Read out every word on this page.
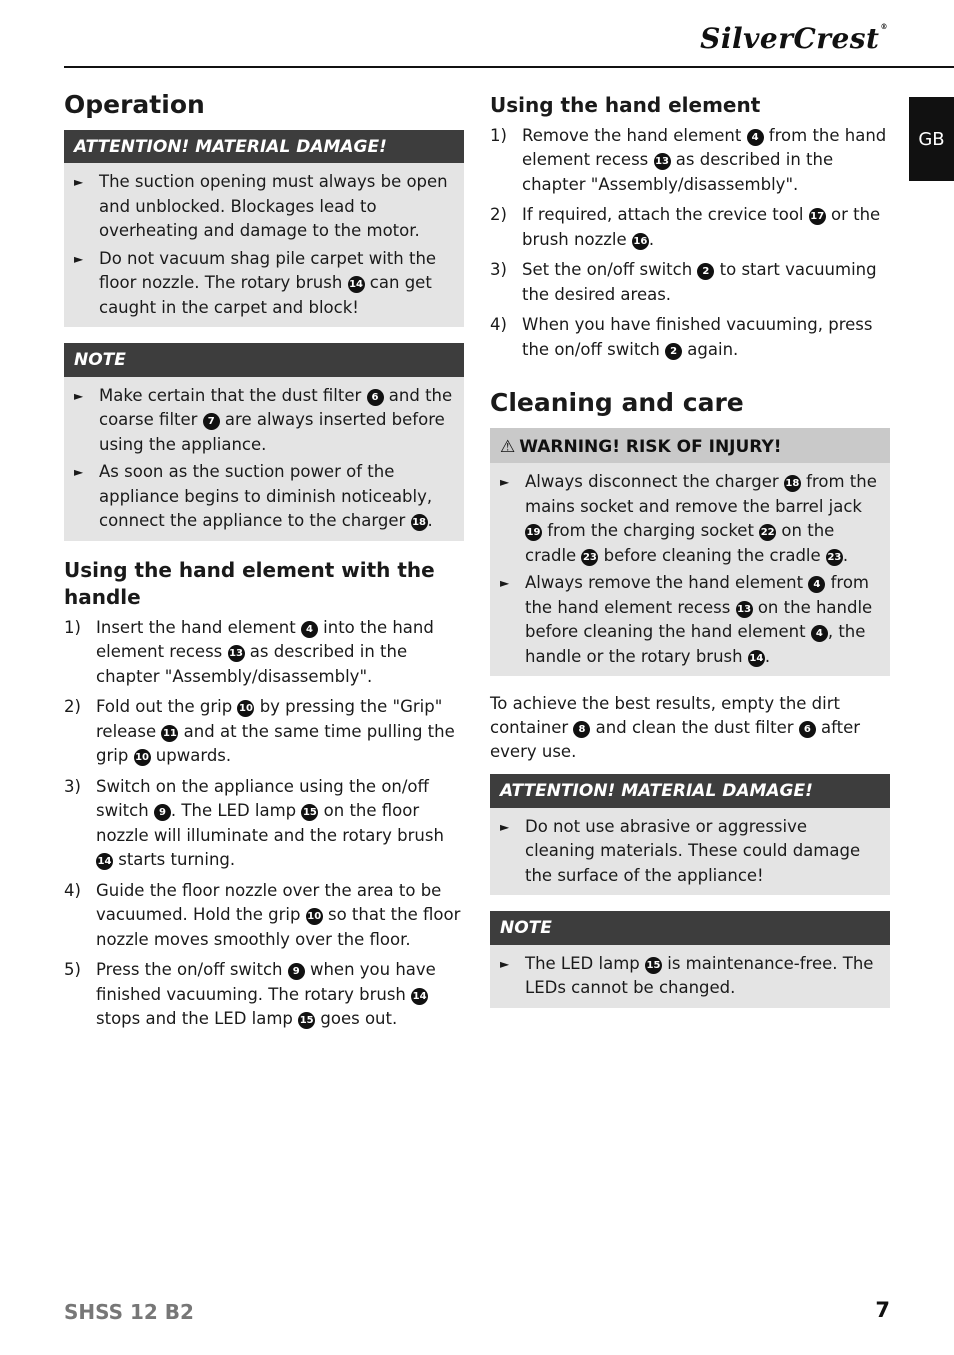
SilverCrest®
GB
Operation
ATTENTION! MATERIAL DAMAGE!
► The suction opening must always be open and unblocked. Blockages lead to overheating and damage to the motor.
► Do not vacuum shag pile carpet with the floor nozzle. The rotary brush 14 can get caught in the carpet and block!
NOTE
► Make certain that the dust filter 6 and the coarse filter 7 are always inserted before using the appliance.
► As soon as the suction power of the appliance begins to diminish noticeably, connect the appliance to the charger 18.
Using the hand element with the handle
1) Insert the hand element 4 into the hand element recess 13 as described in the chapter "Assembly/disassembly".
2) Fold out the grip 10 by pressing the "Grip" release 11 and at the same time pulling the grip 10 upwards.
3) Switch on the appliance using the on/off switch 9 . The LED lamp 15 on the floor nozzle will illuminate and the rotary brush 14 starts turning.
4) Guide the floor nozzle over the area to be vacuumed. Hold the grip 10 so that the floor nozzle moves smoothly over the floor.
5) Press the on/off switch 9 when you have finished vacuuming. The rotary brush 14 stops and the LED lamp 15 goes out.
Using the hand element
1) Remove the hand element 4 from the hand element recess 13 as described in the chapter "Assembly/disassembly".
2) If required, attach the crevice tool 17 or the brush nozzle 16.
3) Set the on/off switch 2 to start vacuuming the desired areas.
4) When you have finished vacuuming, press the on/off switch 2 again.
Cleaning and care
⚠ WARNING! RISK OF INJURY!
► Always disconnect the charger 18 from the mains socket and remove the barrel jack 19 from the charging socket 22 on the cradle 23 before cleaning the cradle 23.
► Always remove the hand element 4 from the hand element recess 13 on the handle before cleaning the hand element 4 , the handle or the rotary brush 14.

To achieve the best results, empty the dirt container 8 and clean the dust filter 6 after every use.

ATTENTION! MATERIAL DAMAGE!
► Do not use abrasive or aggressive cleaning materials. These could damage the surface of the appliance!
NOTE
► The LED lamp 15 is maintenance-free. The LEDs cannot be changed.
SHSS 12 B2	7
